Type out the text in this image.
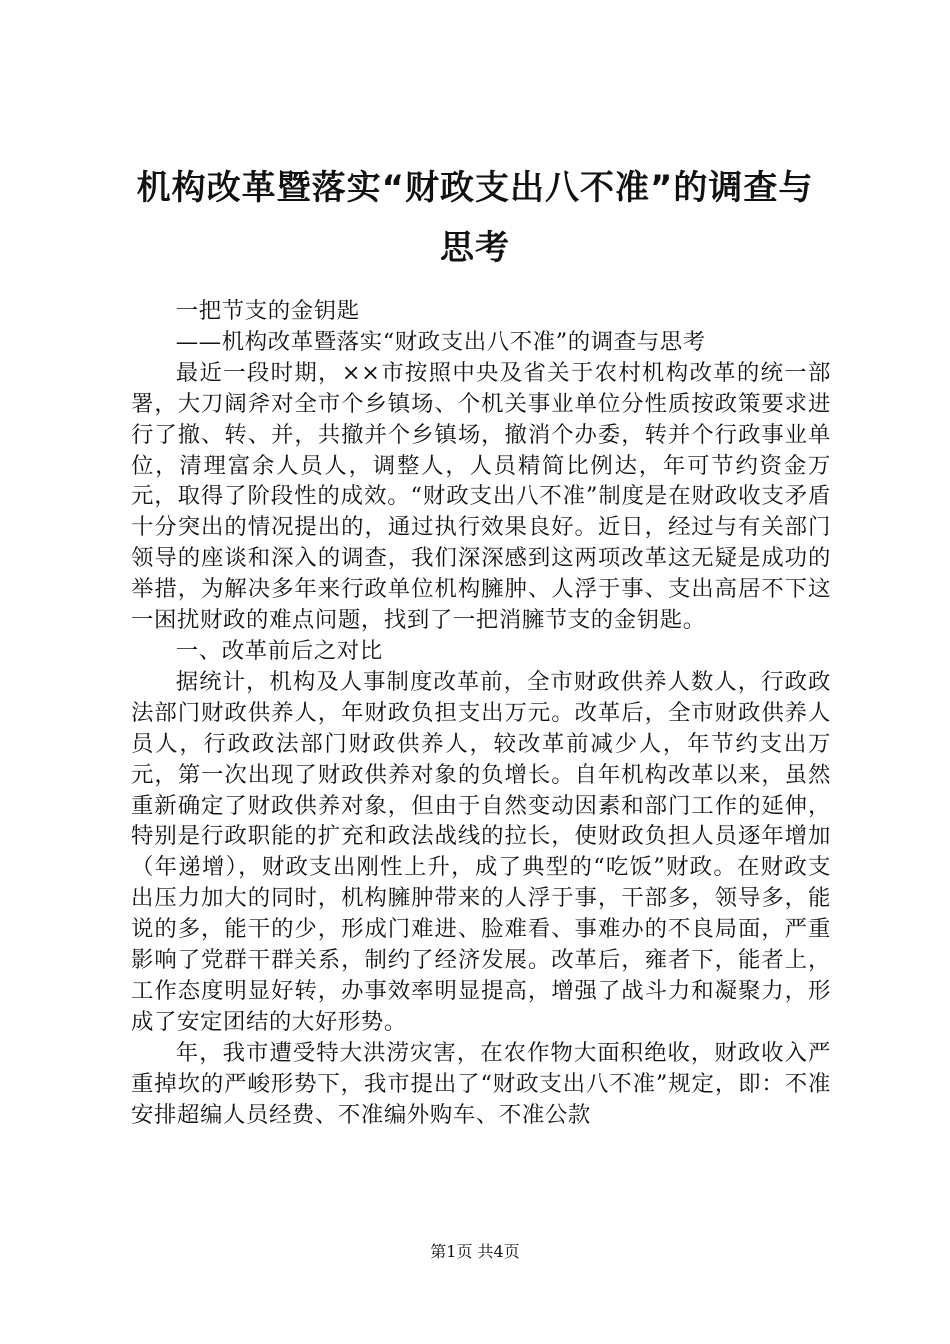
机构改革暨落实“财政支出八不准”的调查与
思考

一把节支的金钥匙

——机构改革暨落实“财政支出八不准”的调查与思考

最近一段时期，××市按照中央及省关于农村机构改革的统一部署，大刀阔斧对全市个乡镇场、个机关事业单位分性质按政策要求进行了撤、转、并，共撤并个乡镇场，撤消个办委，转并个行政事业单位，清理富余人员人，调整人，人员精简比例达，年可节约资金万元，取得了阶段性的成效。“财政支出八不准”制度是在财政收支矛盾十分突出的情况提出的，通过执行效果良好。近日，经过与有关部门领导的座谈和深入的调查，我们深深感到这两项改革这无疑是成功的举措，为解决多年来行政单位机构臃肿、人浮于事、支出高居不下这一困扰财政的难点问题，找到了一把消臃节支的金钥匙。

一、改革前后之对比

据统计，机构及人事制度改革前，全市财政供养人数人，行政政法部门财政供养人，年财政负担支出万元。改革后，全市财政供养人员人，行政政法部门财政供养人，较改革前减少人，年节约支出万元，第一次出现了财政供养对象的负增长。自年机构改革以来，虽然重新确定了财政供养对象，但由于自然变动因素和部门工作的延伸，特别是行政职能的扩充和政法战线的拉长，使财政负担人员逐年增加（年递增），财政支出刚性上升，成了典型的“吃饭”财政。在财政支出压力加大的同时，机构臃肿带来的人浮于事，干部多，领导多，能说的多，能干的少，形成门难进、脸难看、事难办的不良局面，严重影响了党群干群关系，制约了经济发展。改革后，雍者下，能者上，工作态度明显好转，办事效率明显提高，增强了战斗力和凝聚力，形成了安定团结的大好形势。

年，我市遭受特大洪涝灾害，在农作物大面积绝收，财政收入严重掉坎的严峻形势下，我市提出了“财政支出八不准”规定，即：不准安排超编人员经费、不准编外购车、不准公款

第1页 共4页
